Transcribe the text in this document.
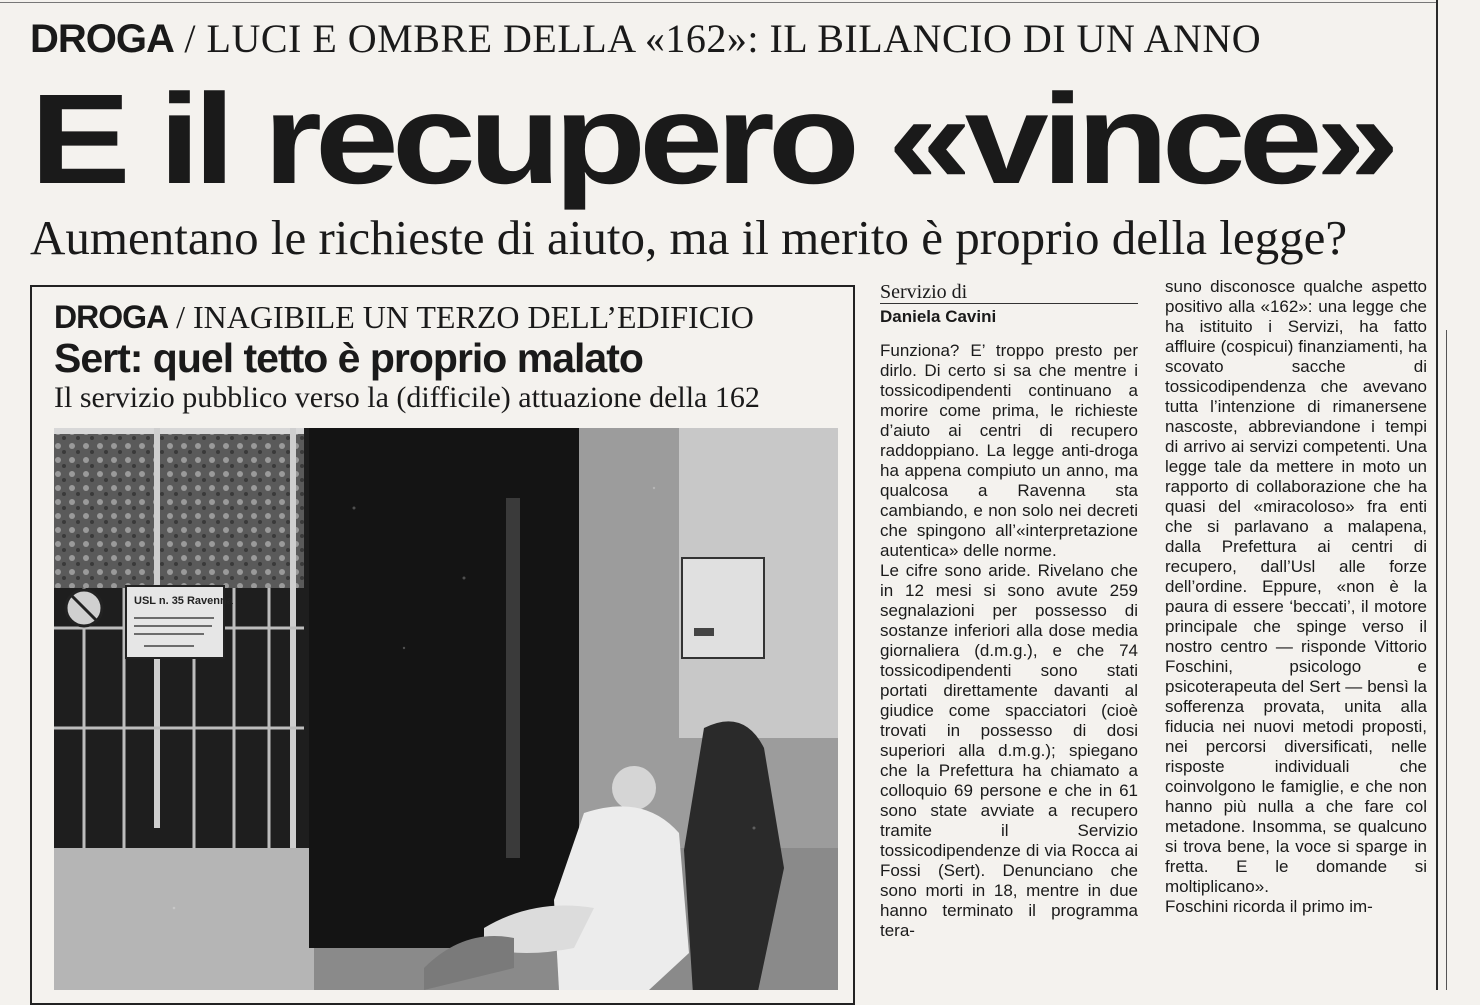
DROGA / LUCI E OMBRE DELLA «162»: IL BILANCIO DI UN ANNO
E il recupero «vince»
Aumentano le richieste di aiuto, ma il merito è proprio della legge?
DROGA / INAGIBILE UN TERZO DELL’EDIFICIO
Sert: quel tetto è proprio malato
Il servizio pubblico verso la (difficile) attuazione della 162
USL n. 35 Ravenna
Servizio di
Daniela Cavini
Funziona? E’ troppo presto per dirlo. Di certo si sa che mentre i tossicodipendenti continuano a morire come prima, le richieste d’aiuto ai centri di recupero raddoppiano. La legge anti-droga ha appena compiuto un anno, ma qualcosa a Ravenna sta cambiando, e non solo nei decreti che spingono all’«interpretazione autentica» delle norme.
Le cifre sono aride. Rivelano che in 12 mesi si sono avute 259 segnalazioni per possesso di sostanze inferiori alla dose media giornaliera (d.m.g.), e che 74 tossicodipendenti sono stati portati direttamente davanti al giudice come spacciatori (cioè trovati in possesso di dosi superiori alla d.m.g.); spiegano che la Prefettura ha chiamato a colloquio 69 persone e che in 61 sono state avviate a recupero tramite il Servizio tossicodipendenze di via Rocca ai Fossi (Sert). Denunciano che sono morti in 18, mentre in due hanno terminato il programma tera-
suno disconosce qualche aspetto positivo alla «162»: una legge che ha istituito i Servizi, ha fatto affluire (cospicui) finanziamenti, ha scovato sacche di tossicodipendenza che avevano tutta l’intenzione di rimanersene nascoste, abbreviandone i tempi di arrivo ai servizi competenti. Una legge tale da mettere in moto un rapporto di collaborazione che ha quasi del «miracoloso» fra enti che si parlavano a malapena, dalla Prefettura ai centri di recupero, dall’Usl alle forze dell’ordine. Eppure, «non è la paura di essere ‘beccati’, il motore principale che spinge verso il nostro centro — risponde Vittorio Foschini, psicologo e psicoterapeuta del Sert — bensì la sofferenza provata, unita alla fiducia nei nuovi metodi proposti, nei percorsi diversificati, nelle risposte individuali che coinvolgono le famiglie, e che non hanno più nulla a che fare col metadone. Insomma, se qualcuno si trova bene, la voce si sparge in fretta. E le domande si moltiplicano».
Foschini ricorda il primo im-
